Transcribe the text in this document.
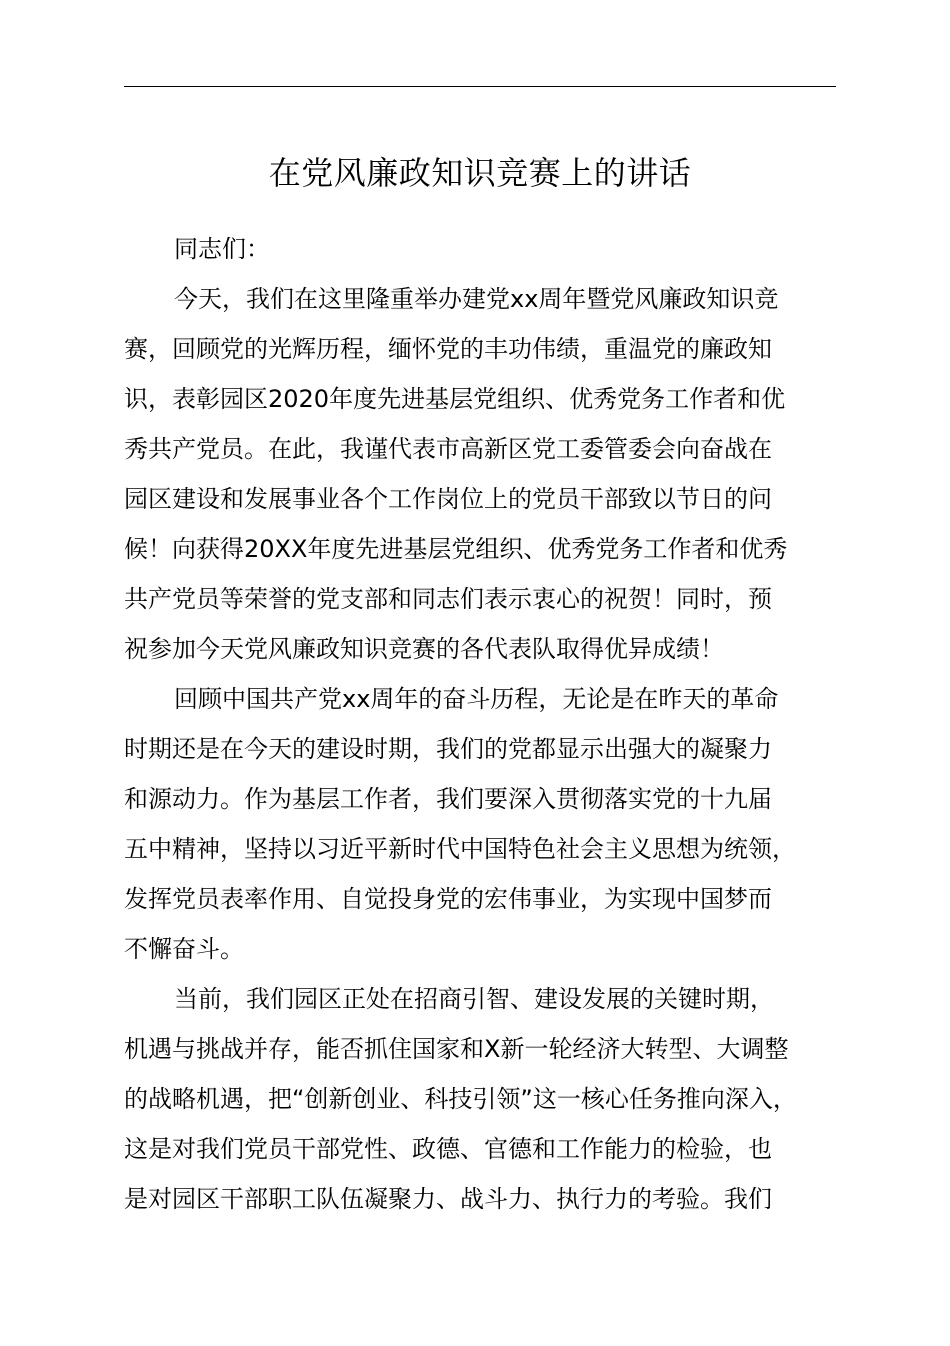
在党风廉政知识竞赛上的讲话

同志们：

今天，我们在这里隆重举办建党xx周年暨党风廉政知识竞

赛，回顾党的光辉历程，缅怀党的丰功伟绩，重温党的廉政知

识，表彰园区2020年度先进基层党组织、优秀党务工作者和优

秀共产党员。在此，我谨代表市高新区党工委管委会向奋战在

园区建设和发展事业各个工作岗位上的党员干部致以节日的问

候！向获得20XX年度先进基层党组织、优秀党务工作者和优秀

共产党员等荣誉的党支部和同志们表示衷心的祝贺！同时，预

祝参加今天党风廉政知识竞赛的各代表队取得优异成绩！

回顾中国共产党xx周年的奋斗历程，无论是在昨天的革命

时期还是在今天的建设时期，我们的党都显示出强大的凝聚力

和源动力。作为基层工作者，我们要深入贯彻落实党的十九届

五中精神，坚持以习近平新时代中国特色社会主义思想为统领，

发挥党员表率作用、自觉投身党的宏伟事业，为实现中国梦而

不懈奋斗。

当前，我们园区正处在招商引智、建设发展的关键时期，

机遇与挑战并存，能否抓住国家和X新一轮经济大转型、大调整

的战略机遇，把“创新创业、科技引领”这一核心任务推向深入，

这是对我们党员干部党性、政德、官德和工作能力的检验，也

是对园区干部职工队伍凝聚力、战斗力、执行力的考验。我们
